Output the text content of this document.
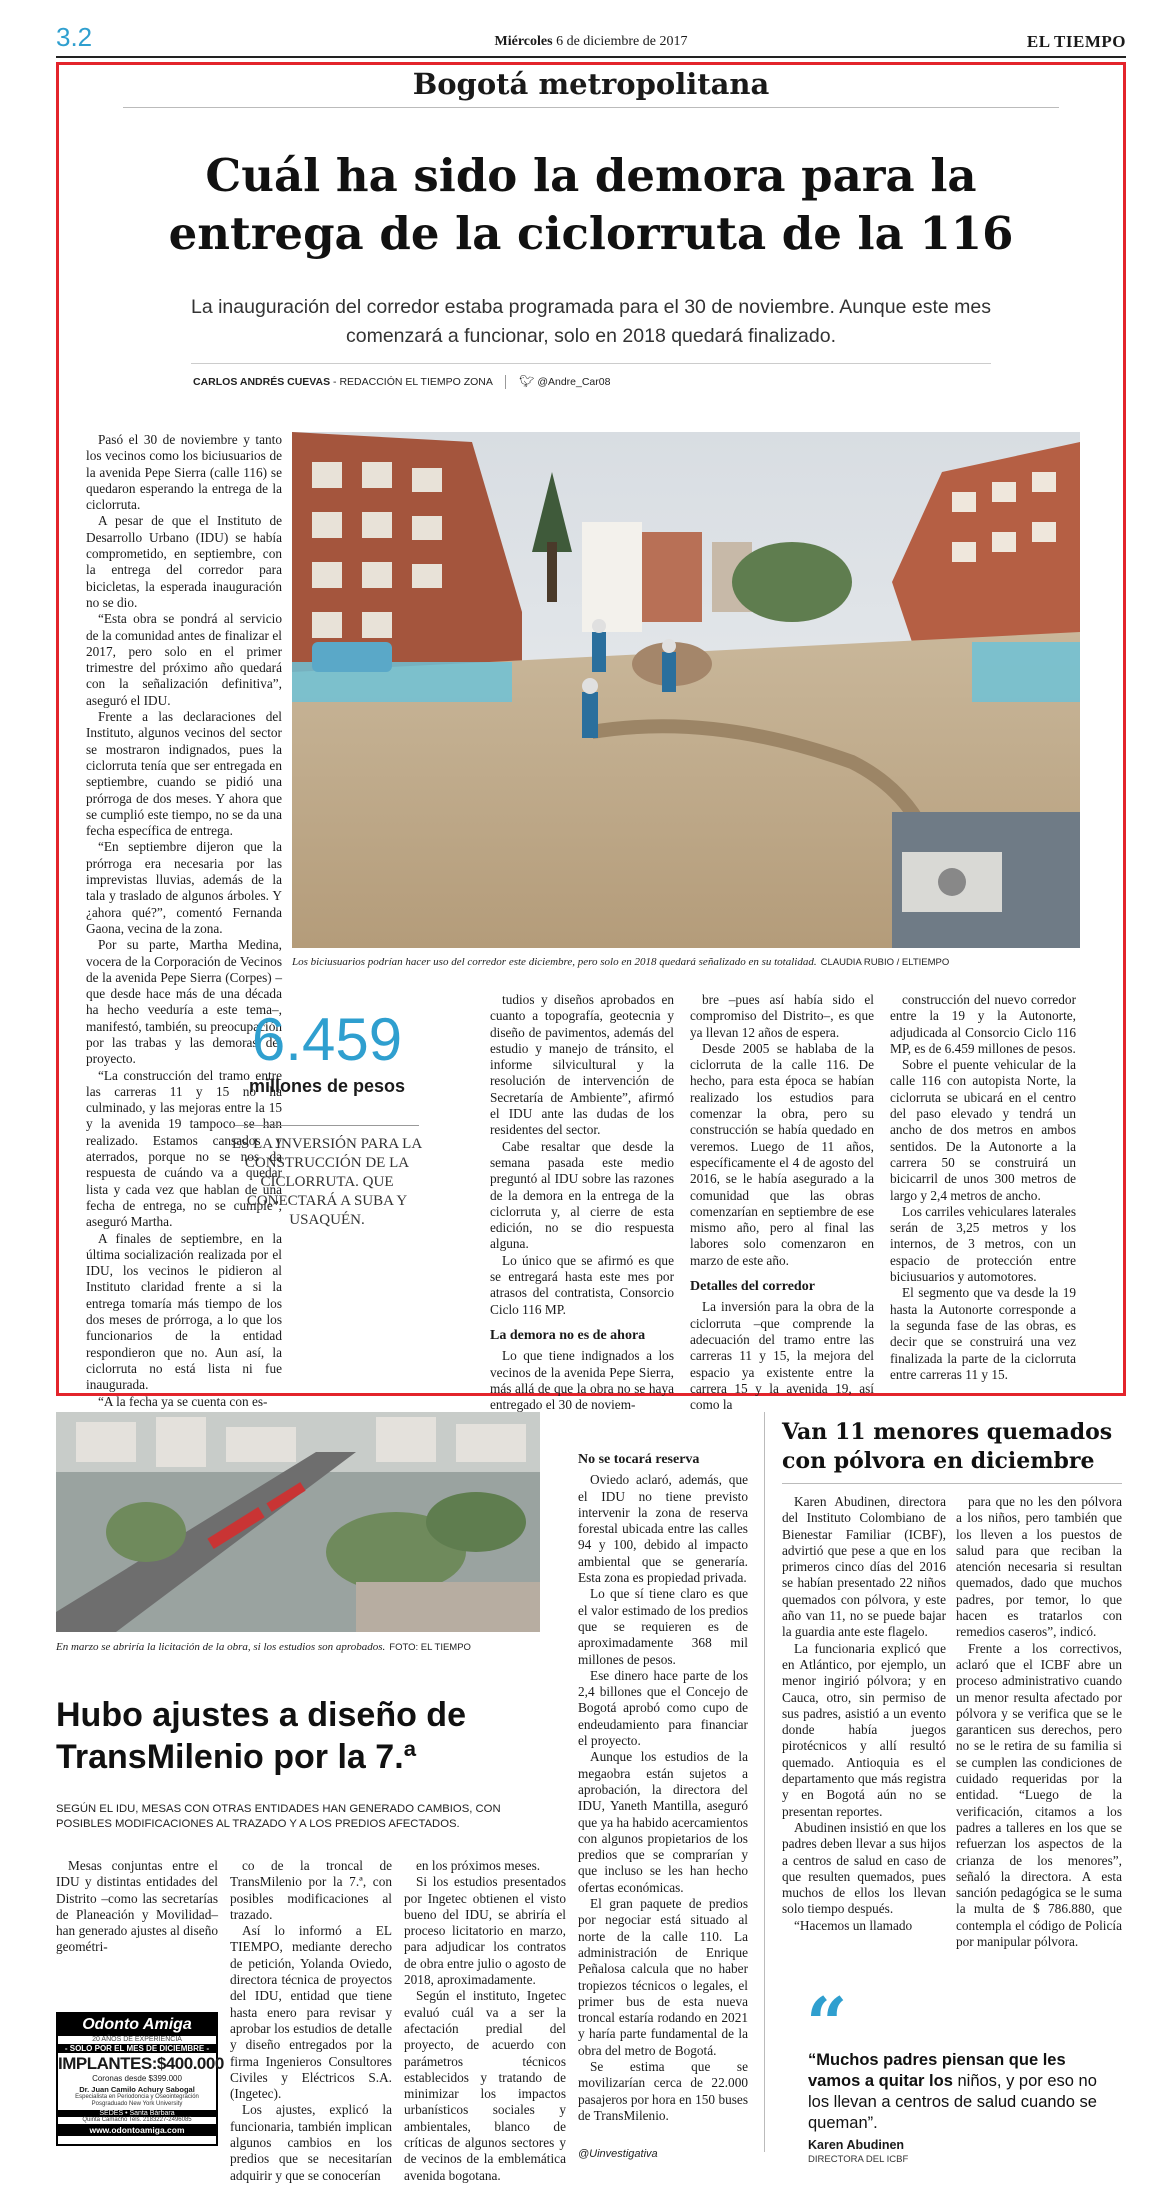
3.2	Miércoles 6 de diciembre de 2017	EL TIEMPO
Bogotá metropolitana
Cuál ha sido la demora para la entrega de la ciclorruta de la 116
La inauguración del corredor estaba programada para el 30 de noviembre. Aunque este mes comenzará a funcionar, solo en 2018 quedará finalizado.
CARLOS ANDRÉS CUEVAS - REDACCIÓN EL TIEMPO ZONA 🐦︎ @Andre_Car08
Los biciusuarios podrían hacer uso del corredor este diciembre, pero solo en 2018 quedará señalizado en su totalidad. CLAUDIA RUBIO / ELTIEMPO

Pasó el 30 de noviembre y tanto los vecinos como los biciusuarios de la avenida Pepe Sierra (calle 116) se quedaron esperando la entrega de la ciclorruta.

A pesar de que el Instituto de Desarrollo Urbano (IDU) se había comprometido, en septiembre, con la entrega del corredor para bicicletas, la esperada inauguración no se dio.

“Esta obra se pondrá al servicio de la comunidad antes de finalizar el 2017, pero solo en el primer trimestre del próximo año quedará con la señalización definitiva”, aseguró el IDU.

Frente a las declaraciones del Instituto, algunos vecinos del sector se mostraron indignados, pues la ciclorruta tenía que ser entregada en septiembre, cuando se pidió una prórroga de dos meses. Y ahora que se cumplió este tiempo, no se da una fecha específica de entrega.

“En septiembre dijeron que la prórroga era necesaria por las imprevistas lluvias, además de la tala y traslado de algunos árboles. Y ¿ahora qué?”, comentó Fernanda Gaona, vecina de la zona.

Por su parte, Martha Medina, vocera de la Corporación de Vecinos de la avenida Pepe Sierra (Corpes) –que desde hace más de una década ha hecho veeduría a este tema–, manifestó, también, su preocupación por las trabas y las demoras del proyecto.

“La construcción del tramo entre las carreras 11 y 15 no ha culminado, y las mejoras entre la 15 y la avenida 19 tampoco se han realizado. Estamos cansados y aterrados, porque no se nos da respuesta de cuándo va a quedar lista y cada vez que hablan de una fecha de entrega, no se cumple”, aseguró Martha.

A finales de septiembre, en la última socialización realizada por el IDU, los vecinos le pidieron al Instituto claridad frente a si la entrega tomaría más tiempo de los dos meses de prórroga, a lo que los funcionarios de la entidad respondieron que no. Aun así, la ciclorruta no está lista ni fue inaugurada.

“A la fecha ya se cuenta con es-

6.459
millones de pesos
ES LA INVERSIÓN PARA LA CONSTRUCCIÓN DE LA CICLORRUTA. QUE CONECTARÁ A SUBA Y USAQUÉN.

tudios y diseños aprobados en cuanto a topografía, geotecnia y diseño de pavimentos, además del estudio y manejo de tránsito, el informe silvicultural y la resolución de intervención de Secretaría de Ambiente”, afirmó el IDU ante las dudas de los residentes del sector.

Cabe resaltar que desde la semana pasada este medio preguntó al IDU sobre las razones de la demora en la entrega de la ciclorruta y, al cierre de esta edición, no se dio respuesta alguna.

Lo único que se afirmó es que se entregará hasta este mes por atrasos del contratista, Consorcio Ciclo 116 MP.

La demora no es de ahora

Lo que tiene indignados a los vecinos de la avenida Pepe Sierra, más allá de que la obra no se haya entregado el 30 de noviem-

bre –pues así había sido el compromiso del Distrito–, es que ya llevan 12 años de espera.

Desde 2005 se hablaba de la ciclorruta de la calle 116. De hecho, para esta época se habían realizado los estudios para comenzar la obra, pero su construcción se había quedado en veremos. Luego de 11 años, específicamente el 4 de agosto del 2016, se le había asegurado a la comunidad que las obras comenzarían en septiembre de ese mismo año, pero al final las labores solo comenzaron en marzo de este año.

Detalles del corredor

La inversión para la obra de la ciclorruta –que comprende la adecuación del tramo entre las carreras 11 y 15, la mejora del espacio ya existente entre la carrera 15 y la avenida 19, así como la

construcción del nuevo corredor entre la 19 y la Autonorte, adjudicada al Consorcio Ciclo 116 MP, es de 6.459 millones de pesos.

Sobre el puente vehicular de la calle 116 con autopista Norte, la ciclorruta se ubicará en el centro del paso elevado y tendrá un ancho de dos metros en ambos sentidos. De la Autonorte a la carrera 50 se construirá un bicicarril de unos 300 metros de largo y 2,4 metros de ancho.

Los carriles vehiculares laterales serán de 3,25 metros y los internos, de 3 metros, con un espacio de protección entre biciusuarios y automotores.

El segmento que va desde la 19 hasta la Autonorte corresponde a la segunda fase de las obras, es decir que se construirá una vez finalizada la parte de la ciclorruta entre carreras 11 y 15.

En marzo se abriría la licitación de la obra, si los estudios son aprobados. FOTO: EL TIEMPO
Hubo ajustes a diseño de TransMilenio por la 7.ª
SEGÚN EL IDU, MESAS CON OTRAS ENTIDADES HAN GENERADO CAMBIOS, CON POSIBLES MODIFICACIONES AL TRAZADO Y A LOS PREDIOS AFECTADOS.

Mesas conjuntas entre el IDU y distintas entidades del Distrito –como las secretarías de Planeación y Movilidad– han generado ajustes al diseño geométri-

co de la troncal de TransMilenio por la 7.ª, con posibles modificaciones al trazado.

Así lo informó a EL TIEMPO, mediante derecho de petición, Yolanda Oviedo, directora técnica de proyectos del IDU, entidad que tiene hasta enero para revisar y aprobar los estudios de detalle y diseño entregados por la firma Ingenieros Consultores Civiles y Eléctricos S.A. (Ingetec).

Los ajustes, explicó la funcionaria, también implican algunos cambios en los predios que se necesitarían adquirir y que se conocerían

en los próximos meses.

Si los estudios presentados por Ingetec obtienen el visto bueno del IDU, se abriría el proceso licitatorio en marzo, para adjudicar los contratos de obra entre julio o agosto de 2018, aproximadamente.

Según el instituto, Ingetec evaluó cuál va a ser la afectación predial del proyecto, de acuerdo con parámetros técnicos establecidos y tratando de minimizar los impactos urbanísticos sociales y ambientales, blanco de críticas de algunos sectores y de vecinos de la emblemática avenida bogotana.

No se tocará reserva

Oviedo aclaró, además, que el IDU no tiene previsto intervenir la zona de reserva forestal ubicada entre las calles 94 y 100, debido al impacto ambiental que se generaría. Esta zona es propiedad privada.

Lo que sí tiene claro es que el valor estimado de los predios que se requieren es de aproximadamente 368 mil millones de pesos.

Ese dinero hace parte de los 2,4 billones que el Concejo de Bogotá aprobó como cupo de endeudamiento para financiar el proyecto.

Aunque los estudios de la megaobra están sujetos a aprobación, la directora del IDU, Yaneth Mantilla, aseguró que ya ha habido acercamientos con algunos propietarios de los predios que se comprarían y que incluso se les han hecho ofertas económicas.

El gran paquete de predios por negociar está situado al norte de la calle 110. La administración de Enrique Peñalosa calcula que no haber tropiezos técnicos o legales, el primer bus de esta nueva troncal estaría rodando en 2021 y haría parte fundamental de la obra del metro de Bogotá.

Se estima que se movilizarían cerca de 22.000 pasajeros por hora en 150 buses de TransMilenio.

@Uinvestigativa
Odonto Amiga
20 AÑOS DE EXPERIENCIA
- SOLO POR EL MES DE DICIEMBRE -
IMPLANTES:$400.000
Coronas desde $399.000
Dr. Juan Camilo Achury Sabogal
Especialista en Periodoncia y Oseointegración
Posgraduado New York University
SEDES • Santa Bárbara
Quinta Camacho Tels. 2183227-2496085
www.odontoamiga.com
Van 11 menores quemados con pólvora en diciembre

Karen Abudinen, directora del Instituto Colombiano de Bienestar Familiar (ICBF), advirtió que pese a que en los primeros cinco días del 2016 se habían presentado 22 niños quemados con pólvora, y este año van 11, no se puede bajar la guardia ante este flagelo.

La funcionaria explicó que en Atlántico, por ejemplo, un menor ingirió pólvora; y en Cauca, otro, sin permiso de sus padres, asistió a un evento donde había juegos pirotécnicos y allí resultó quemado. Antioquia es el departamento que más registra y en Bogotá aún no se presentan reportes.

Abudinen insistió en que los padres deben llevar a sus hijos a centros de salud en caso de que resulten quemados, pues muchos de ellos los llevan solo tiempo después.

“Hacemos un llamado

para que no les den pólvora a los niños, pero también que los lleven a los puestos de salud para que reciban la atención necesaria si resultan quemados, dado que muchos padres, por temor, lo que hacen es tratarlos con remedios caseros”, indicó.

Frente a los correctivos, aclaró que el ICBF abre un proceso administrativo cuando un menor resulta afectado por pólvora y se verifica que se le garanticen sus derechos, pero no se le retira de su familia si se cumplen las condiciones de cuidado requeridas por la entidad. “Luego de la verificación, citamos a los padres a talleres en los que se refuerzan los aspectos de la crianza de los menores”, señaló la directora. A esta sanción pedagógica se le suma la multa de $ 786.880, que contempla el código de Policía por manipular pólvora.

“
“Muchos padres piensan que les vamos a quitar los niños, y por eso no los llevan a centros de salud cuando se queman”.
Karen Abudinen
DIRECTORA DEL ICBF
